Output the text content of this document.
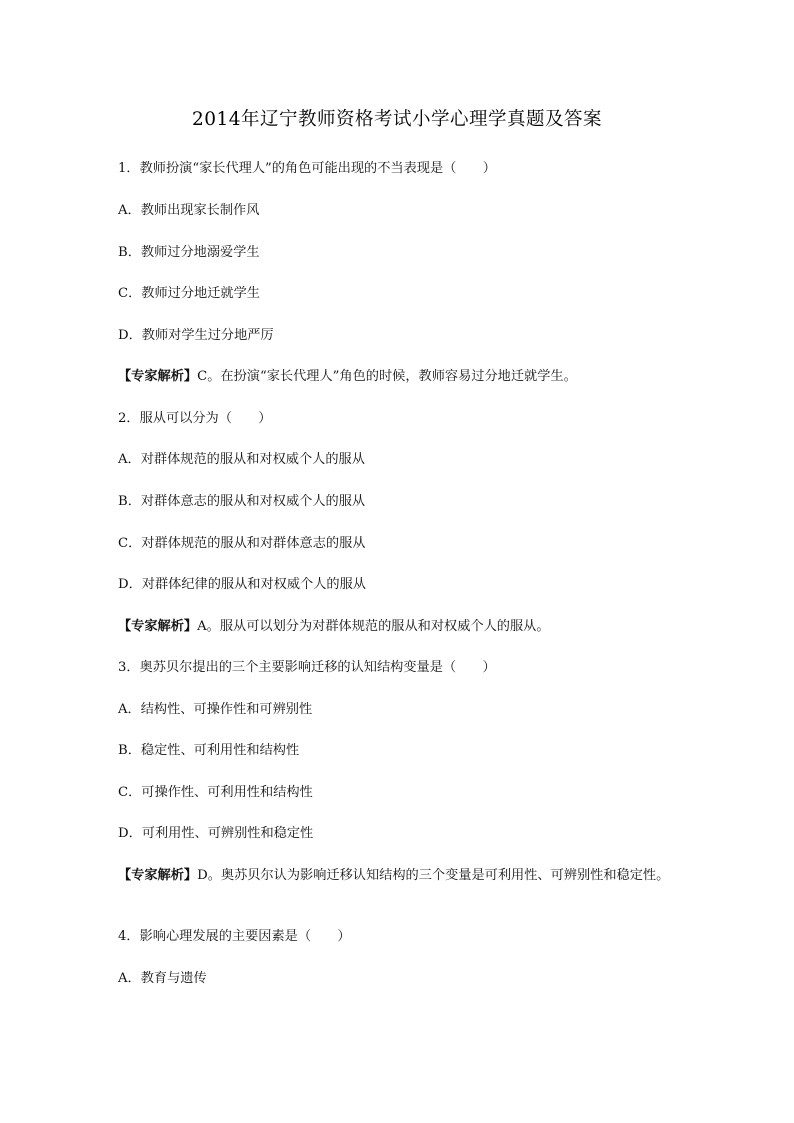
2014年辽宁教师资格考试小学心理学真题及答案
1．教师扮演“家长代理人”的角色可能出现的不当表现是（　　）
A．教师出现家长制作风
B．教师过分地溺爱学生
C．教师过分地迁就学生
D．教师对学生过分地严厉
【专家解析】C。在扮演“家长代理人”角色的时候，教师容易过分地迁就学生。
2．服从可以分为（　　）
A．对群体规范的服从和对权威个人的服从
B．对群体意志的服从和对权威个人的服从
C．对群体规范的服从和对群体意志的服从
D．对群体纪律的服从和对权威个人的服从
【专家解析】A。服从可以划分为对群体规范的服从和对权威个人的服从。
3．奥苏贝尔提出的三个主要影响迁移的认知结构变量是（　　）
A．结构性、可操作性和可辨别性
B．稳定性、可利用性和结构性
C．可操作性、可利用性和结构性
D．可利用性、可辨别性和稳定性
【专家解析】D。奥苏贝尔认为影响迁移认知结构的三个变量是可利用性、可辨别性和稳定性。
4．影响心理发展的主要因素是（　　）
A．教育与遗传
